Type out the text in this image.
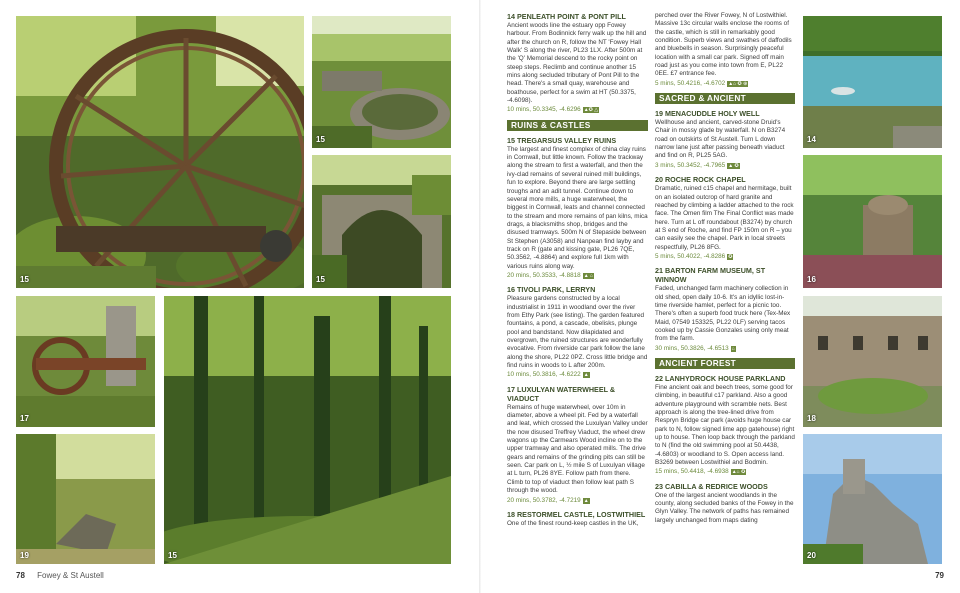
15
15
15
17
15
19
14
16
18
20
14 PENLEATH POINT & PONT PILL

Ancient woods line the estuary opp Fowey harbour. From Bodinnick ferry walk up the hill and after the church on R, follow the NT 'Fowey Hall Walk' S along the river, PL23 1LX. After 500m at the 'Q' Memorial descend to the rocky point on steep steps. Reclimb and continue another 15 mins along secluded tributary of Pont Pill to the head. There's a small quay, warehouse and boathouse, perfect for a swim at HT (50.3375, -4.6098).

10 mins, 50.3345, -4.6296 ▲✪ △
RUINS & CASTLES
15 TREGARSUS VALLEY RUINS

The largest and finest complex of china clay ruins in Cornwall, but little known. Follow the trackway along the stream to first a waterfall, and then the ivy-clad remains of several ruined mill buildings, fun to explore. Beyond there are large settling troughs and an adit tunnel. Continue down to several more mills, a huge waterwheel, the biggest in Cornwall, leats and channel connected to the stream and more remains of pan kilns, mica drags, a blacksmiths shop, bridges and the disused tramways. 500m N of Stepaside between St Stephen (A3058) and Nanpean find layby and track on R (gate and kissing gate, PL26 7QE, 50.3562, -4.8864) and explore full 1km with various ruins along way.

20 mins, 50.3533, -4.8818 ▲ ⌂
16 TIVOLI PARK, LERRYN

Pleasure gardens constructed by a local industrialist in 1911 in woodland over the river from Ethy Park (see listing). The garden featured fountains, a pond, a cascade, obelisks, plunge pool and bandstand. Now dilapidated and overgrown, the ruined structures are wonderfully evocative. From riverside car park follow the lane along the shore, PL22 0PZ. Cross little bridge and find ruins in woods to L after 200m.

10 mins, 50.3816, -4.6222 ▲
17 LUXULYAN WATERWHEEL & VIADUCT

Remains of huge waterwheel, over 10m in diameter, above a wheel pit. Fed by a waterfall and leat, which crossed the Luxulyan Valley under the now disused Treffrey Viaduct, the wheel drew wagons up the Carmears Wood incline on to the upper tramway and also operated mills. The drive gears and remains of the grinding pits can still be seen. Car park on L, ½ mile S of Luxulyan village at L turn, PL26 8YE. Follow path from there. Climb to top of viaduct then follow leat path S through the wood.

20 mins, 50.3782, -4.7219 ▲
18 RESTORMEL CASTLE, LOSTWITHIEL

One of the finest round-keep castles in the UK,

perched over the River Fowey, N of Lostwithiel. Massive 13c circular walls enclose the rooms of the castle, which is still in remarkably good condition. Superb views and swathes of daffodils and bluebells in season. Surprisingly peaceful location with a small car park. Signed off main road just as you come into town from E, PL22 0EE. £7 entrance fee.

5 mins, 50.4216, -4.6702 ▲⌂ ✪ ⊕
SACRED & ANCIENT
19 MENACUDDLE HOLY WELL

Wellhouse and ancient, carved-stone Druid's Chair in mossy glade by waterfall. N on B3274 road on outskirts of St Austell. Turn L down narrow lane just after passing beneath viaduct and find on R, PL25 5AG.

3 mins, 50.3452, -4.7965 ▲ ✪
20 ROCHE ROCK CHAPEL

Dramatic, ruined c15 chapel and hermitage, built on an isolated outcrop of hard granite and reached by climbing a ladder attached to the rock face. The Omen film The Final Conflict was made here. Turn at L off roundabout (B3274) by church at S end of Roche, and find FP 150m on R – you can easily see the chapel. Park in local streets respectfully, PL26 8FG.

5 mins, 50.4022, -4.8286 ✪
21 BARTON FARM MUSEUM, ST WINNOW

Faded, unchanged farm machinery collection in old shed, open daily 10-6. It's an idyllic lost-in-time riverside hamlet, perfect for a picnic too. There's often a superb food truck here (Tex-Mex Maid, 07549 153325, PL22 0LF) serving tacos cooked up by Cassie Gonzales using only meat from the farm.

30 mins, 50.3826, -4.6513 ⌂
ANCIENT FOREST
22 LANHYDROCK HOUSE PARKLAND

Fine ancient oak and beech trees, some good for climbing, in beautiful c17 parkland. Also a good adventure playground with scramble nets. Best approach is along the tree-lined drive from Respryn Bridge car park (avoids huge house car park to N, follow signed lime app gatehouse) right up to house. Then loop back through the parkland to N (find the old swimming pool at 50.4438, -4.6803) or woodland to S. Open access land. B3269 between Lostwithiel and Bodmin.

15 mins, 50.4418, -4.6938 ▲⌂ ✪
23 CABILLA & REDRICE WOODS

One of the largest ancient woodlands in the county, along secluded banks of the Fowey in the Glyn Valley. The network of paths has remained largely unchanged from maps dating

78 Fowey & St Austell	79
